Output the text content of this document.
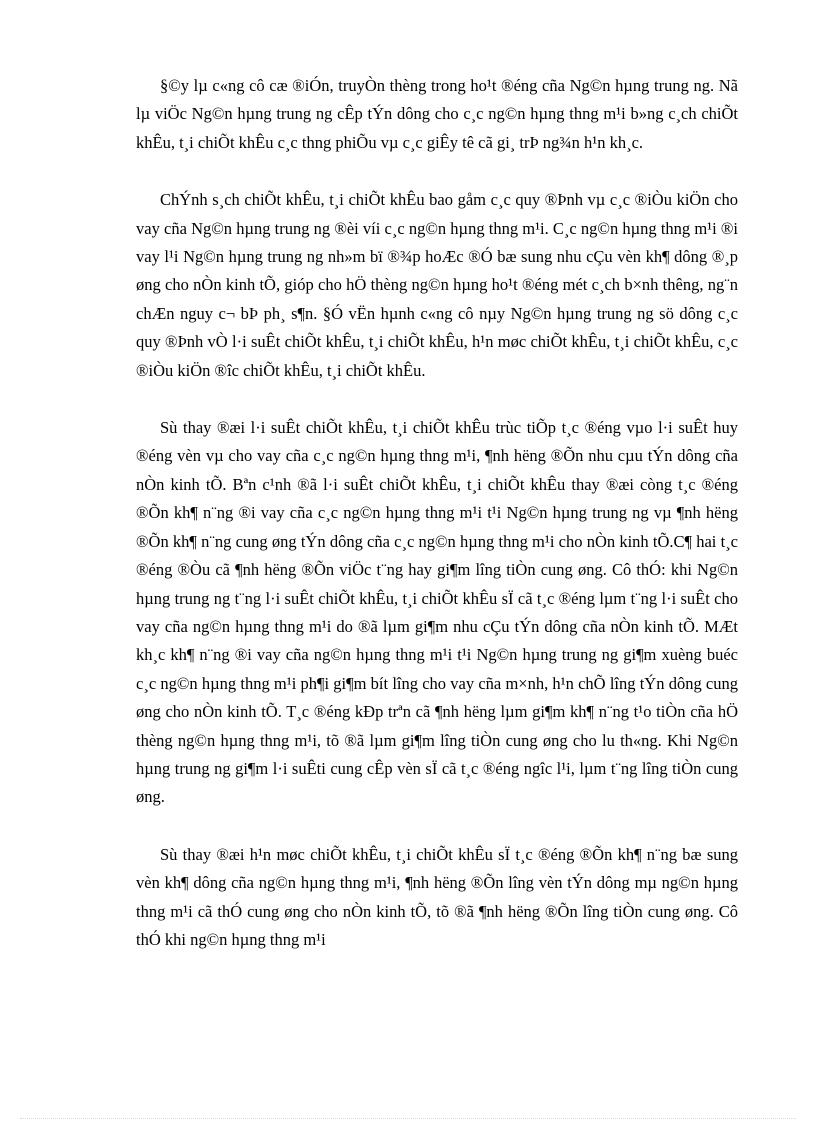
§©y lµ c«ng cô cæ ®iÓn, truyÒn thèng trong ho¹t ®éng cña Ng©n hµng trung ng. Nã lµ viÖc Ng©n hµng trung ng cÊp tÝn dông cho c¸c ng©n hµng thng m¹i b»ng c¸ch chiÕt khÊu, t¸i chiÕt khÊu c¸c thng phiÕu vµ c¸c giÊy tê cã gi¸ trÞ ng¾n h¹n kh¸c.

ChÝnh s¸ch chiÕt khÊu, t¸i chiÕt khÊu bao gåm c¸c quy ®Þnh vµ c¸c ®iÒu kiÖn cho vay cña Ng©n hµng trung ng ®èi víi c¸c ng©n hµng thng m¹i. C¸c ng©n hµng thng m¹i ®i vay l¹i Ng©n hµng trung ng nh»m bï ®¾p hoÆc ®Ó bæ sung nhu cÇu vèn kh¶ dông ®¸p øng cho nÒn kinh tÕ, gióp cho hÖ thèng ng©n hµng ho¹t ®éng mét c¸ch b×nh thêng, ng¨n chÆn nguy c¬ bÞ ph¸ s¶n. §Ó vËn hµnh c«ng cô nµy Ng©n hµng trung ng sö dông c¸c quy ®Þnh vÒ l·i suÊt chiÕt khÊu, t¸i chiÕt khÊu, h¹n møc chiÕt khÊu, t¸i chiÕt khÊu, c¸c ®iÒu kiÖn ®îc chiÕt khÊu, t¸i chiÕt khÊu.

Sù thay ®æi l·i suÊt chiÕt khÊu, t¸i chiÕt khÊu trùc tiÕp t¸c ®éng vµo l·i suÊt huy ®éng vèn vµ cho vay cña c¸c ng©n hµng thng m¹i, ¶nh hëng ®Õn nhu cµu tÝn dông cña nÒn kinh tÕ. Bªn c¹nh ®ã l·i suÊt chiÕt khÊu, t¸i chiÕt khÊu thay ®æi còng t¸c ®éng ®Õn kh¶ n¨ng ®i vay cña c¸c ng©n hµng thng m¹i t¹i Ng©n hµng trung ng vµ ¶nh hëng ®Õn kh¶ n¨ng cung øng tÝn dông cña c¸c ng©n hµng thng m¹i cho nÒn kinh tÕ.C¶ hai t¸c ®éng ®Òu cã ¶nh hëng ®Õn viÖc t¨ng hay gi¶m lîng tiÒn cung øng. Cô thÓ: khi Ng©n hµng trung ng t¨ng l·i suÊt chiÕt khÊu, t¸i chiÕt khÊu sÏ cã t¸c ®éng lµm t¨ng l·i suÊt cho vay cña ng©n hµng thng m¹i do ®ã lµm gi¶m nhu cÇu tÝn dông cña nÒn kinh tÕ. MÆt kh¸c kh¶ n¨ng ®i vay cña ng©n hµng thng m¹i t¹i Ng©n hµng trung ng gi¶m xuèng buéc c¸c ng©n hµng thng m¹i ph¶i gi¶m bít lîng cho vay cña m×nh, h¹n chÕ lîng tÝn dông cung øng cho nÒn kinh tÕ. T¸c ®éng kÐp trªn cã ¶nh hëng lµm gi¶m kh¶ n¨ng t¹o tiÒn cña hÖ thèng ng©n hµng thng m¹i, tõ ®ã lµm gi¶m lîng tiÒn cung øng cho lu th«ng. Khi Ng©n hµng trung ng gi¶m l·i suÊti cung cÊp vèn sÏ cã t¸c ®éng ngîc l¹i, lµm t¨ng lîng tiÒn cung øng.

Sù thay ®æi h¹n møc chiÕt khÊu, t¸i chiÕt khÊu sÏ t¸c ®éng ®Õn kh¶ n¨ng bæ sung vèn kh¶ dông cña ng©n hµng thng m¹i, ¶nh hëng ®Õn lîng vèn tÝn dông mµ ng©n hµng thng m¹i cã thÓ cung øng cho nÒn kinh tÕ, tõ ®ã ¶nh hëng ®Õn lîng tiÒn cung øng. Cô thÓ khi ng©n hµng thng m¹i
